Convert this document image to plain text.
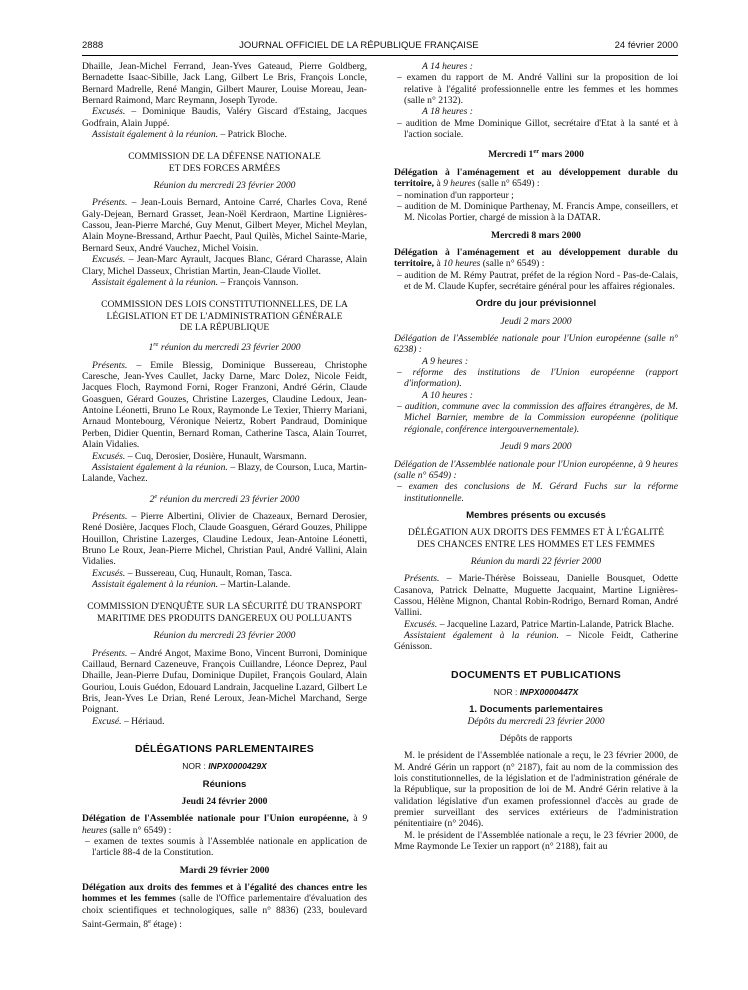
2888	JOURNAL OFFICIEL DE LA RÉPUBLIQUE FRANÇAISE	24 février 2000

Dhaille, Jean-Michel Ferrand, Jean-Yves Gateaud, Pierre Goldberg, Bernadette Isaac-Sibille, Jack Lang, Gilbert Le Bris, François Loncle, Bernard Madrelle, René Mangin, Gilbert Maurer, Louise Moreau, Jean-Bernard Raimond, Marc Reymann, Joseph Tyrode.

Excusés. – Dominique Baudis, Valéry Giscard d'Estaing, Jacques Godfrain, Alain Juppé.

Assistait également à la réunion. – Patrick Bloche.

COMMISSION DE LA DÉFENSE NATIONALE
ET DES FORCES ARMÉES

Réunion du mercredi 23 février 2000

Présents. – Jean-Louis Bernard, Antoine Carré, Charles Cova, René Galy-Dejean, Bernard Grasset, Jean-Noël Kerdraon, Martine Lignières-Cassou, Jean-Pierre Marché, Guy Menut, Gilbert Meyer, Michel Meylan, Alain Moyne-Bressand, Arthur Paecht, Paul Quilès, Michel Sainte-Marie, Bernard Seux, André Vauchez, Michel Voisin.

Excusés. – Jean-Marc Ayrault, Jacques Blanc, Gérard Charasse, Alain Clary, Michel Dasseux, Christian Martin, Jean-Claude Viollet.

Assistait également à la réunion. – François Vannson.

COMMISSION DES LOIS CONSTITUTIONNELLES, DE LA
LÉGISLATION ET DE L'ADMINISTRATION GÉNÉRALE
DE LA RÉPUBLIQUE

1re réunion du mercredi 23 février 2000

Présents. – Emile Blessig, Dominique Bussereau, Christophe Caresche, Jean-Yves Caullet, Jacky Darne, Marc Dolez, Nicole Feidt, Jacques Floch, Raymond Forni, Roger Franzoni, André Gérin, Claude Goasguen, Gérard Gouzes, Christine Lazerges, Claudine Ledoux, Jean-Antoine Léonetti, Bruno Le Roux, Raymonde Le Texier, Thierry Mariani, Arnaud Montebourg, Véronique Neiertz, Robert Pandraud, Dominique Perben, Didier Quentin, Bernard Roman, Catherine Tasca, Alain Tourret, Alain Vidalies.

Excusés. – Cuq, Derosier, Dosière, Hunault, Warsmann.

Assistaient également à la réunion. – Blazy, de Courson, Luca, Martin-Lalande, Vachez.

2e réunion du mercredi 23 février 2000

Présents. – Pierre Albertini, Olivier de Chazeaux, Bernard Derosier, René Dosière, Jacques Floch, Claude Goasguen, Gérard Gouzes, Philippe Houillon, Christine Lazerges, Claudine Ledoux, Jean-Antoine Léonetti, Bruno Le Roux, Jean-Pierre Michel, Christian Paul, André Vallini, Alain Vidalies.

Excusés. – Bussereau, Cuq, Hunault, Roman, Tasca.

Assistait également à la réunion. – Martin-Lalande.

COMMISSION D'ENQUÊTE SUR LA SÉCURITÉ DU TRANSPORT
MARITIME DES PRODUITS DANGEREUX OU POLLUANTS

Réunion du mercredi 23 février 2000

Présents. – André Angot, Maxime Bono, Vincent Burroni, Dominique Caillaud, Bernard Cazeneuve, François Cuillandre, Léonce Deprez, Paul Dhaille, Jean-Pierre Dufau, Dominique Dupilet, François Goulard, Alain Gouriou, Louis Guédon, Edouard Landrain, Jacqueline Lazard, Gilbert Le Bris, Jean-Yves Le Drian, René Leroux, Jean-Michel Marchand, Serge Poignant.

Excusé. – Hériaud.

DÉLÉGATIONS PARLEMENTAIRES

NOR : INPX0000429X

Réunions

Jeudi 24 février 2000

Délégation de l'Assemblée nationale pour l'Union européenne, à 9 heures (salle n° 6549) :

– examen de textes soumis à l'Assemblée nationale en application de l'article 88-4 de la Constitution.

Mardi 29 février 2000

Délégation aux droits des femmes et à l'égalité des chances entre les hommes et les femmes (salle de l'Office parlementaire d'évaluation des choix scientifiques et technologiques, salle n° 8836) (233, boulevard Saint-Germain, 8e étage) :

A 14 heures :

– examen du rapport de M. André Vallini sur la proposition de loi relative à l'égalité professionnelle entre les femmes et les hommes (salle n° 2132).

A 18 heures :

– audition de Mme Dominique Gillot, secrétaire d'Etat à la santé et à l'action sociale.

Mercredi 1er mars 2000

Délégation à l'aménagement et au développement durable du territoire, à 9 heures (salle n° 6549) :

– nomination d'un rapporteur ;

– audition de M. Dominique Parthenay, M. Francis Ampe, conseillers, et M. Nicolas Portier, chargé de mission à la DATAR.

Mercredi 8 mars 2000

Délégation à l'aménagement et au développement durable du territoire, à 10 heures (salle n° 6549) :

– audition de M. Rémy Pautrat, préfet de la région Nord - Pas-de-Calais, et de M. Claude Kupfer, secrétaire général pour les affaires régionales.

Ordre du jour prévisionnel

Jeudi 2 mars 2000

Délégation de l'Assemblée nationale pour l'Union européenne (salle n° 6238) :

A 9 heures :

– réforme des institutions de l'Union européenne (rapport d'information).

A 10 heures :

– audition, commune avec la commission des affaires étrangères, de M. Michel Barnier, membre de la Commission européenne (politique régionale, conférence intergouvernementale).

Jeudi 9 mars 2000

Délégation de l'Assemblée nationale pour l'Union européenne, à 9 heures (salle n° 6549) :

– examen des conclusions de M. Gérard Fuchs sur la réforme institutionnelle.

Membres présents ou excusés

DÉLÉGATION AUX DROITS DES FEMMES ET À L'ÉGALITÉ
DES CHANCES ENTRE LES HOMMES ET LES FEMMES

Réunion du mardi 22 février 2000

Présents. – Marie-Thérèse Boisseau, Danielle Bousquet, Odette Casanova, Patrick Delnatte, Muguette Jacquaint, Martine Lignières-Cassou, Hélène Mignon, Chantal Robin-Rodrigo, Bernard Roman, André Vallini.

Excusés. – Jacqueline Lazard, Patrice Martin-Lalande, Patrick Blache.

Assistaient également à la réunion. – Nicole Feidt, Catherine Génisson.

DOCUMENTS ET PUBLICATIONS

NOR : INPX0000447X

1. Documents parlementaires

Dépôts du mercredi 23 février 2000

Dépôts de rapports

M. le président de l'Assemblée nationale a reçu, le 23 février 2000, de M. André Gérin un rapport (n° 2187), fait au nom de la commission des lois constitutionnelles, de la législation et de l'administration générale de la République, sur la proposition de loi de M. André Gérin relative à la validation législative d'un examen professionnel d'accès au grade de premier surveillant des services extérieurs de l'administration pénitentiaire (n° 2046).

M. le président de l'Assemblée nationale a reçu, le 23 février 2000, de Mme Raymonde Le Texier un rapport (n° 2188), fait au
